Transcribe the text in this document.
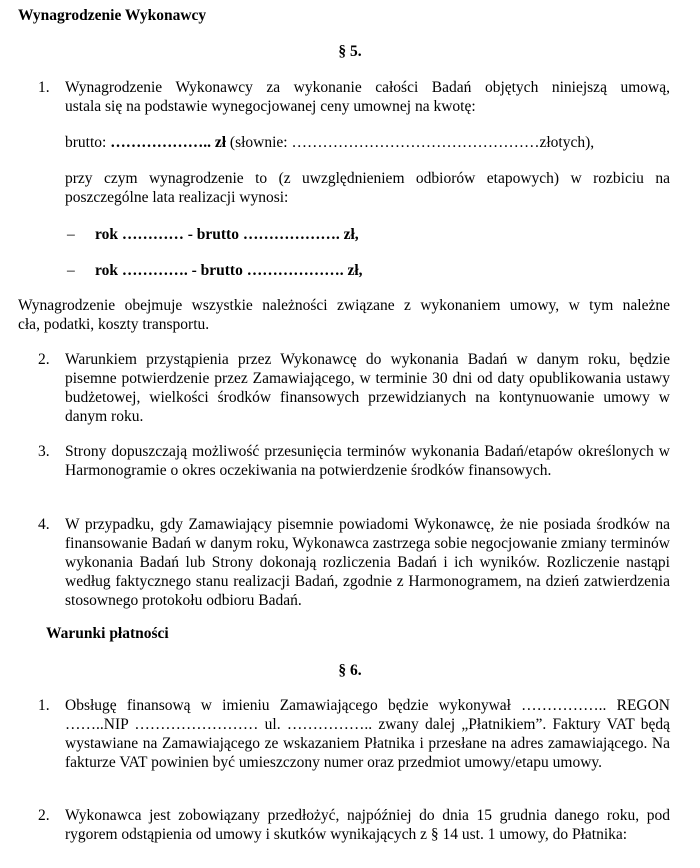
Wynagrodzenie Wykonawcy
§ 5.
1. Wynagrodzenie Wykonawcy za wykonanie całości Badań objętych niniejszą umową,

ustala się na podstawie wynegocjowanej ceny umownej na kwotę:

brutto: ……………….. zł (słownie: …………………………………………złotych),

przy czym wynagrodzenie to (z uwzględnieniem odbiorów etapowych) w rozbiciu na

poszczególne lata realizacji wynosi:

– rok ………… - brutto ………………. zł,
– rok …………. - brutto ………………. zł,
Wynagrodzenie obejmuje wszystkie należności związane z wykonaniem umowy, w tym należne
cła, podatki, koszty transportu.
2. Warunkiem przystąpienia przez Wykonawcę do wykonania Badań w danym roku, będzie pisemne potwierdzenie przez Zamawiającego, w terminie 30 dni od daty opublikowania ustawy budżetowej, wielkości środków finansowych przewidzianych na kontynuowanie umowy w danym roku.
3. Strony dopuszczają możliwość przesunięcia terminów wykonania Badań/etapów określonych w Harmonogramie o okres oczekiwania na potwierdzenie środków finansowych.
4. W przypadku, gdy Zamawiający pisemnie powiadomi Wykonawcę, że nie posiada środków na finansowanie Badań w danym roku, Wykonawca zastrzega sobie negocjowanie zmiany terminów wykonania Badań lub Strony dokonają rozliczenia Badań i ich wyników. Rozliczenie nastąpi według faktycznego stanu realizacji Badań, zgodnie z Harmonogramem, na dzień zatwierdzenia stosownego protokołu odbioru Badań.
Warunki płatności
§ 6.
1. Obsługę finansową w imieniu Zamawiającego będzie wykonywał …………….. REGON ……..NIP …………………… ul. …………….. zwany dalej „Płatnikiem”. Faktury VAT będą wystawiane na Zamawiającego ze wskazaniem Płatnika i przesłane na adres zamawiającego. Na fakturze VAT powinien być umieszczony numer oraz przedmiot umowy/etapu umowy.
2. Wykonawca jest zobowiązany przedłożyć, najpóźniej do dnia 15 grudnia danego roku, pod rygorem odstąpienia od umowy i skutków wynikających z § 14 ust. 1 umowy, do Płatnika:
